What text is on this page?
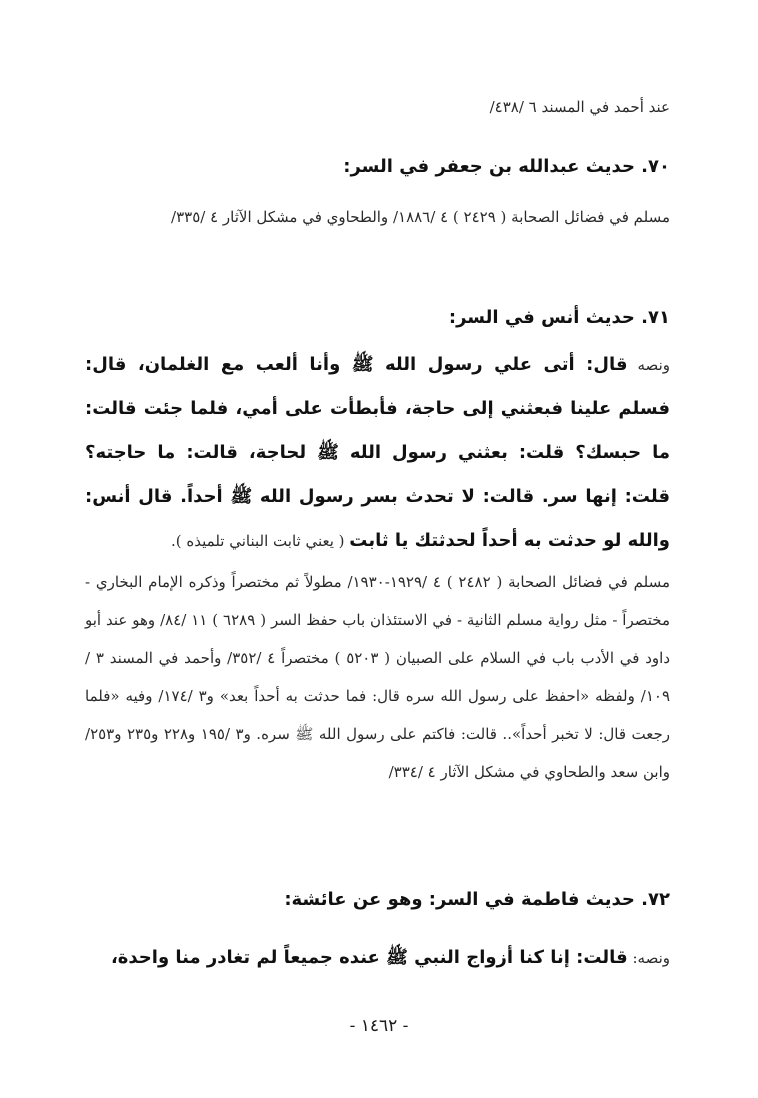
عند أحمد في المسند ٦ /٤٣٨/
٧٠. حديث عبدالله بن جعفر في السر:
مسلم في فضائل الصحابة ( ٢٤٢٩ ) ٤ /١٨٨٦/ والطحاوي في مشكل الآثار ٤ /٣٣٥/
٧١. حديث أنس في السر:
ونصه قال: أتى علي رسول الله ﷺ وأنا ألعب مع الغلمان، قال: فسلم علينا فبعثني إلى حاجة، فأبطأت على أمي، فلما جئت قالت: ما حبسك؟ قلت: بعثني رسول الله ﷺ لحاجة، قالت: ما حاجته؟ قلت: إنها سر. قالت: لا تحدث بسر رسول الله ﷺ أحداً. قال أنس: والله لو حدثت به أحداً لحدثتك يا ثابت ( يعني ثابت البناني تلميذه ).
مسلم في فضائل الصحابة ( ٢٤٨٢ ) ٤ /١٩٢٩-١٩٣٠/ مطولاً ثم مختصراً وذكره الإمام البخاري - مختصراً - مثل رواية مسلم الثانية - في الاستئذان باب حفظ السر ( ٦٢٨٩ ) ١١ /٨٤/ وهو عند أبو داود في الأدب باب في السلام على الصبيان ( ٥٢٠٣ ) مختصراً ٤ /٣٥٢/ وأحمد في المسند ٣ /١٠٩/ ولفظه «احفظ على رسول الله سره قال: فما حدثت به أحداً بعد» و٣ /١٧٤/ وفيه «فلما رجعت قال: لا تخبر أحداً».. قالت: فاكتم على رسول الله ﷺ سره. و٣ /١٩٥ و٢٢٨ و٢٣٥ و٢٥٣/ وابن سعد والطحاوي في مشكل الآثار ٤ /٣٣٤/
٧٢. حديث فاطمة في السر: وهو عن عائشة:
ونصه: قالت: إنا كنا أزواج النبي ﷺ عنده جميعاً لم تغادر منا واحدة،
- ١٤٦٢ -
